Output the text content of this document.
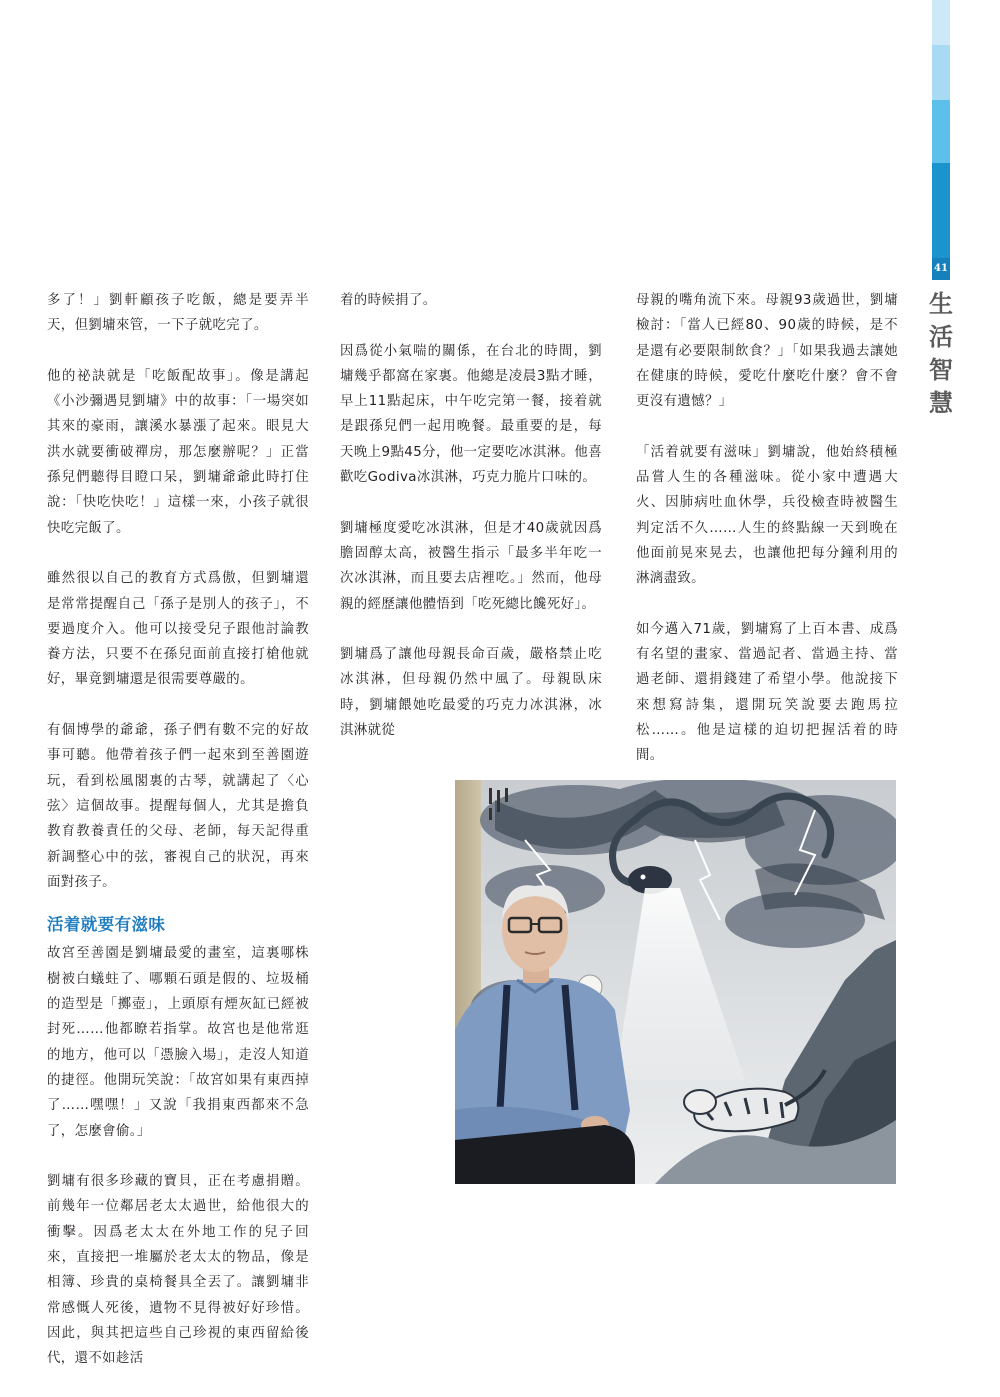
41
生
活
智
慧

多了！」劉軒顧孩子吃飯，總是要弄半天，但劉墉來管，一下子就吃完了。

他的祕訣就是「吃飯配故事」。像是講起《小沙彌遇見劉墉》中的故事：「一場突如其來的豪雨，讓溪水暴漲了起來。眼見大洪水就要衝破禪房，那怎麼辦呢？」正當孫兒們聽得目瞪口呆，劉墉爺爺此時打住說：「快吃快吃！」這樣一來，小孩子就很快吃完飯了。

雖然很以自己的教育方式爲傲，但劉墉還是常常提醒自己「孫子是別人的孩子」，不要過度介入。他可以接受兒子跟他討論教養方法，只要不在孫兒面前直接打槍他就好，畢竟劉墉還是很需要尊嚴的。

有個博學的爺爺，孫子們有數不完的好故事可聽。他帶着孩子們一起來到至善園遊玩，看到松風閣裏的古琴，就講起了〈心弦〉這個故事。提醒每個人，尤其是擔負教育教養責任的父母、老師，每天記得重新調整心中的弦，審視自己的狀況，再來面對孩子。

活着就要有滋味

故宮至善園是劉墉最愛的畫室，這裏哪株樹被白蟻蛀了、哪顆石頭是假的、垃圾桶的造型是「擲壺」，上頭原有煙灰缸已經被封死……他都瞭若指掌。故宮也是他常逛的地方，他可以「憑臉入場」，走沒人知道的捷徑。他開玩笑說：「故宮如果有東西掉了……嘿嘿！」又說「我捐東西都來不急了，怎麼會偷。」

劉墉有很多珍藏的寶貝，正在考慮捐贈。前幾年一位鄰居老太太過世，給他很大的衝擊。因爲老太太在外地工作的兒子回來，直接把一堆屬於老太太的物品，像是相簿、珍貴的桌椅餐具全丟了。讓劉墉非常感慨人死後，遺物不見得被好好珍惜。因此，與其把這些自己珍視的東西留給後代，還不如趁活

着的時候捐了。

因爲從小氣喘的關係，在台北的時間，劉墉幾乎都窩在家裏。他總是凌晨3點才睡，早上11點起床，中午吃完第一餐，接着就是跟孫兒們一起用晚餐。最重要的是，每天晚上9點45分，他一定要吃冰淇淋。他喜歡吃Godiva冰淇淋，巧克力脆片口味的。

劉墉極度愛吃冰淇淋，但是才40歲就因爲膽固醇太高，被醫生指示「最多半年吃一次冰淇淋，而且要去店裡吃。」然而，他母親的經歷讓他體悟到「吃死總比饞死好」。

劉墉爲了讓他母親長命百歲，嚴格禁止吃冰淇淋，但母親仍然中風了。母親臥床時，劉墉餵她吃最愛的巧克力冰淇淋，冰淇淋就從

母親的嘴角流下來。母親93歲過世，劉墉檢討：「當人已經80、90歲的時候，是不是還有必要限制飲食？」「如果我過去讓她在健康的時候，愛吃什麼吃什麼？會不會更沒有遺憾？」

「活着就要有滋味」劉墉說，他始終積極品嘗人生的各種滋味。從小家中遭遇大火、因肺病吐血休學，兵役檢查時被醫生判定活不久……人生的終點線一天到晚在他面前晃來晃去，也讓他把每分鐘利用的淋漓盡致。

如今邁入71歲，劉墉寫了上百本書、成爲有名望的畫家、當過記者、當過主持、當過老師、還捐錢建了希望小學。他說接下來想寫詩集，還開玩笑說要去跑馬拉松……。他是這樣的迫切把握活着的時間。
